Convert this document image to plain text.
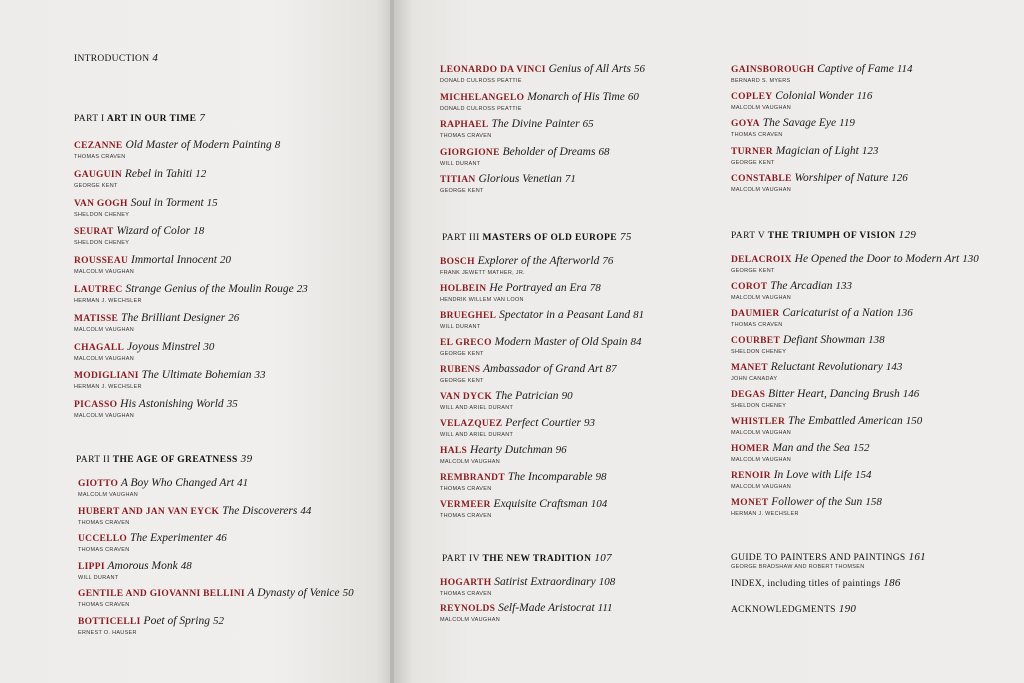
INTRODUCTION 4
PART I ART IN OUR TIME 7
CEZANNE Old Master of Modern Painting 8
THOMAS CRAVEN
GAUGUIN Rebel in Tahiti 12
GEORGE KENT
VAN GOGH Soul in Torment 15
SHELDON CHENEY
SEURAT Wizard of Color 18
SHELDON CHENEY
ROUSSEAU Immortal Innocent 20
MALCOLM VAUGHAN
LAUTREC Strange Genius of the Moulin Rouge 23
HERMAN J. WECHSLER
MATISSE The Brilliant Designer 26
MALCOLM VAUGHAN
CHAGALL Joyous Minstrel 30
MALCOLM VAUGHAN
MODIGLIANI The Ultimate Bohemian 33
HERMAN J. WECHSLER
PICASSO His Astonishing World 35
MALCOLM VAUGHAN
PART II THE AGE OF GREATNESS 39
GIOTTO A Boy Who Changed Art 41
MALCOLM VAUGHAN
HUBERT AND JAN VAN EYCK The Discoverers 44
THOMAS CRAVEN
UCCELLO The Experimenter 46
THOMAS CRAVEN
LIPPI Amorous Monk 48
WILL DURANT
GENTILE AND GIOVANNI BELLINI A Dynasty of Venice 50
THOMAS CRAVEN
BOTTICELLI Poet of Spring 52
ERNEST O. HAUSER
LEONARDO DA VINCI Genius of All Arts 56
DONALD CULROSS PEATTIE
MICHELANGELO Monarch of His Time 60
DONALD CULROSS PEATTIE
RAPHAEL The Divine Painter 65
THOMAS CRAVEN
GIORGIONE Beholder of Dreams 68
WILL DURANT
TITIAN Glorious Venetian 71
GEORGE KENT
PART III MASTERS OF OLD EUROPE 75
BOSCH Explorer of the Afterworld 76
FRANK JEWETT MATHER, JR.
HOLBEIN He Portrayed an Era 78
HENDRIK WILLEM VAN LOON
BRUEGHEL Spectator in a Peasant Land 81
WILL DURANT
EL GRECO Modern Master of Old Spain 84
GEORGE KENT
RUBENS Ambassador of Grand Art 87
GEORGE KENT
VAN DYCK The Patrician 90
WILL AND ARIEL DURANT
VELAZQUEZ Perfect Courtier 93
WILL AND ARIEL DURANT
HALS Hearty Dutchman 96
MALCOLM VAUGHAN
REMBRANDT The Incomparable 98
THOMAS CRAVEN
VERMEER Exquisite Craftsman 104
THOMAS CRAVEN
PART IV THE NEW TRADITION 107
HOGARTH Satirist Extraordinary 108
THOMAS CRAVEN
REYNOLDS Self-Made Aristocrat 111
MALCOLM VAUGHAN
GAINSBOROUGH Captive of Fame 114
BERNARD S. MYERS
COPLEY Colonial Wonder 116
MALCOLM VAUGHAN
GOYA The Savage Eye 119
THOMAS CRAVEN
TURNER Magician of Light 123
GEORGE KENT
CONSTABLE Worshiper of Nature 126
MALCOLM VAUGHAN
PART V THE TRIUMPH OF VISION 129
DELACROIX He Opened the Door to Modern Art 130
GEORGE KENT
COROT The Arcadian 133
MALCOLM VAUGHAN
DAUMIER Caricaturist of a Nation 136
THOMAS CRAVEN
COURBET Defiant Showman 138
SHELDON CHENEY
MANET Reluctant Revolutionary 143
JOHN CANADAY
DEGAS Bitter Heart, Dancing Brush 146
SHELDON CHENEY
WHISTLER The Embattled American 150
MALCOLM VAUGHAN
HOMER Man and the Sea 152
MALCOLM VAUGHAN
RENOIR In Love with Life 154
MALCOLM VAUGHAN
MONET Follower of the Sun 158
HERMAN J. WECHSLER
GUIDE TO PAINTERS AND PAINTINGS 161
GEORGE BRADSHAW AND ROBERT THOMSEN
INDEX, including titles of paintings 186
ACKNOWLEDGMENTS 190
